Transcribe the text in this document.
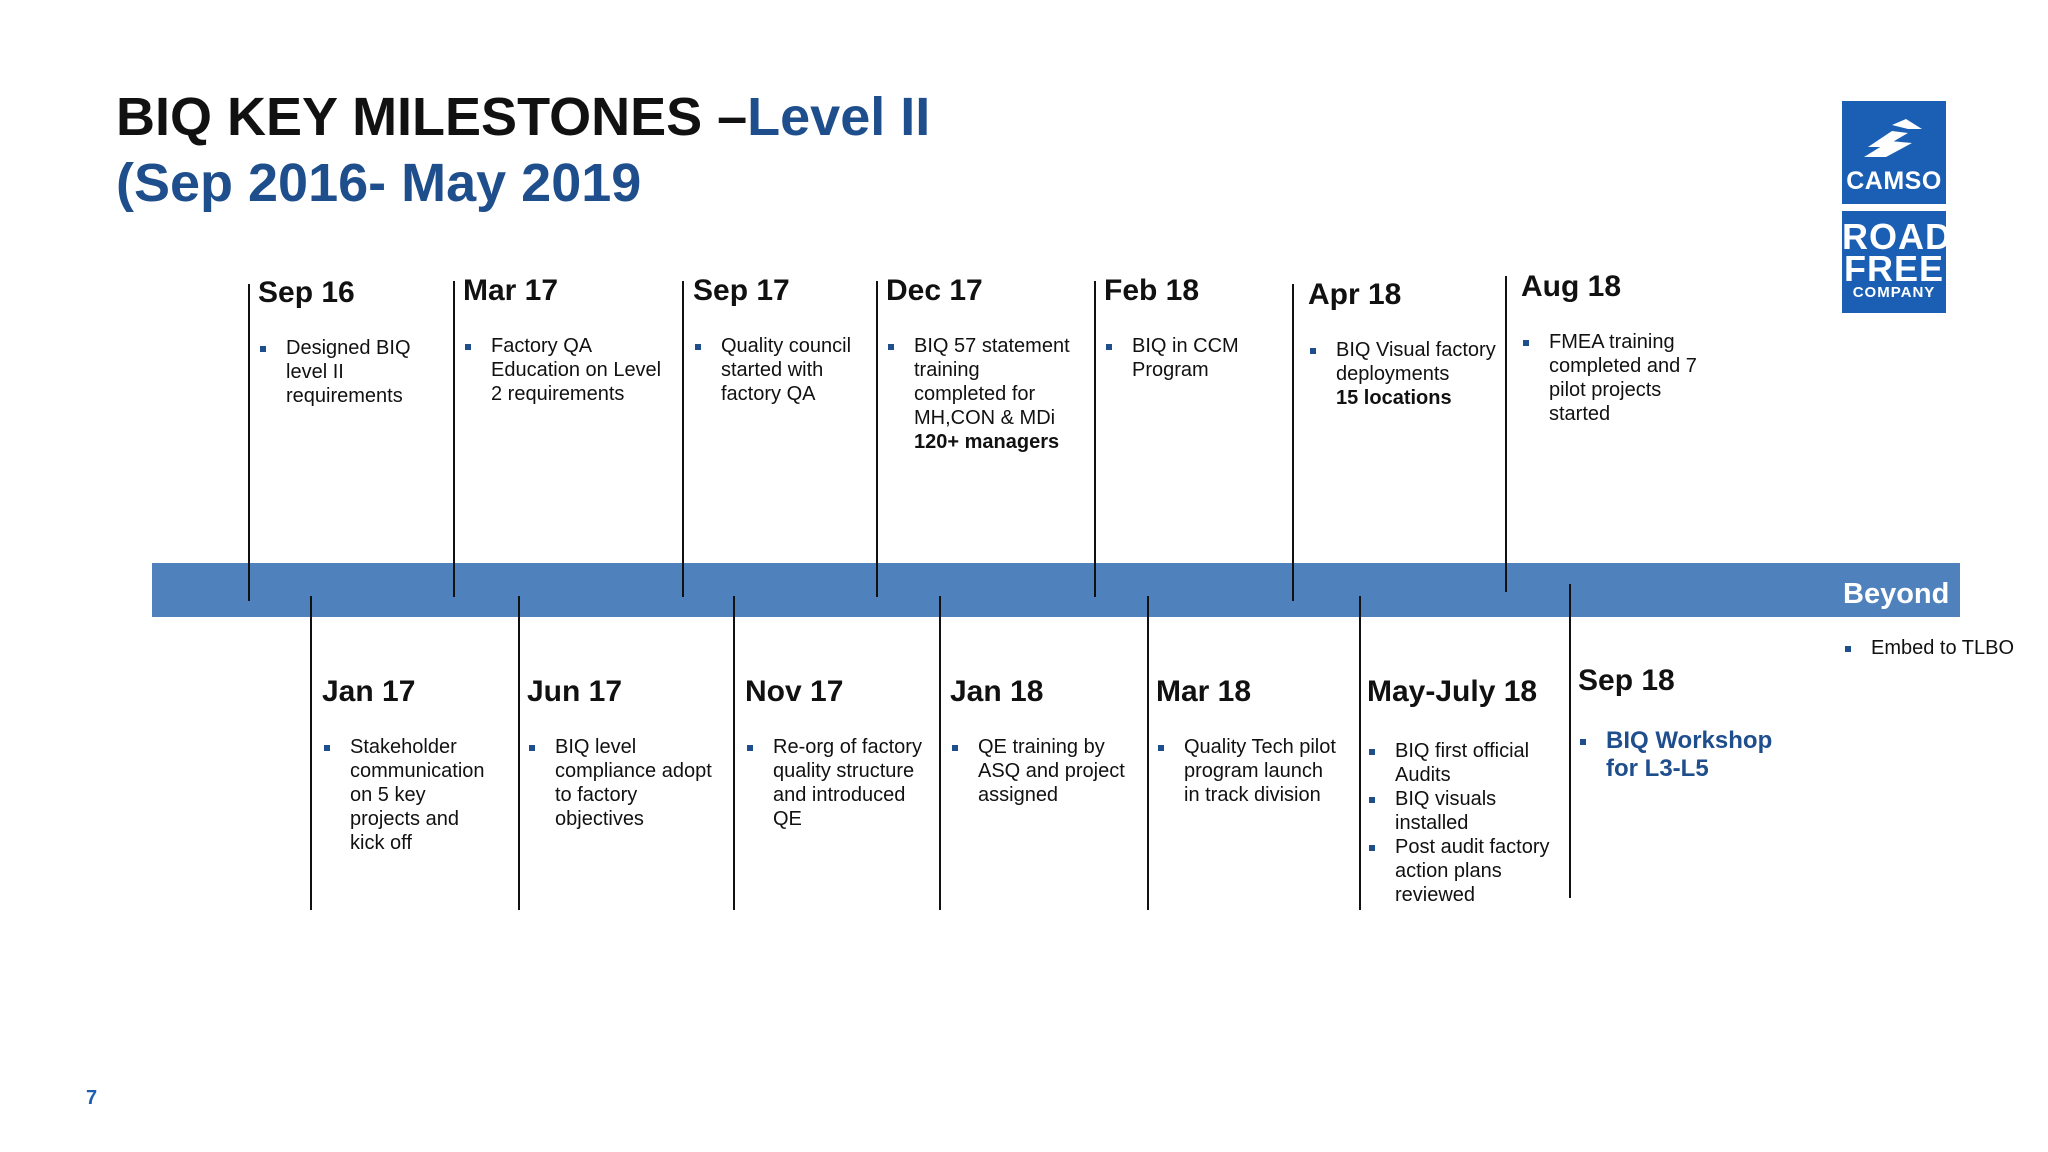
BIQ KEY MILESTONES –Level II
(Sep 2016- May 2019	CAMSO
ROAD
FREE
COMPANY
Beyond
Embed to TLBO
Sep 16
Designed BIQ level II requirements
Mar 17
Factory QA Education on Level 2 requirements
Sep 17
Quality council started with factory QA
Dec 17
BIQ 57 statement training completed for MH,CON & MDi
120+ managers
Feb 18
BIQ in CCM Program
Apr 18
BIQ Visual factory deployments
15 locations
Aug 18
FMEA training completed and 7 pilot projects started
Jan 17
Stakeholder communication on 5 key projects and kick off
Jun 17
BIQ level compliance adopt to factory objectives
Nov 17
Re-org of factory quality structure and introduced QE
Jan 18
QE training by ASQ and project assigned
Mar 18
Quality Tech pilot program launch in track division
May-July 18
BIQ first official Audits
BIQ visuals installed
Post audit factory action plans reviewed
Sep 18
BIQ Workshop for L3-L5
7
